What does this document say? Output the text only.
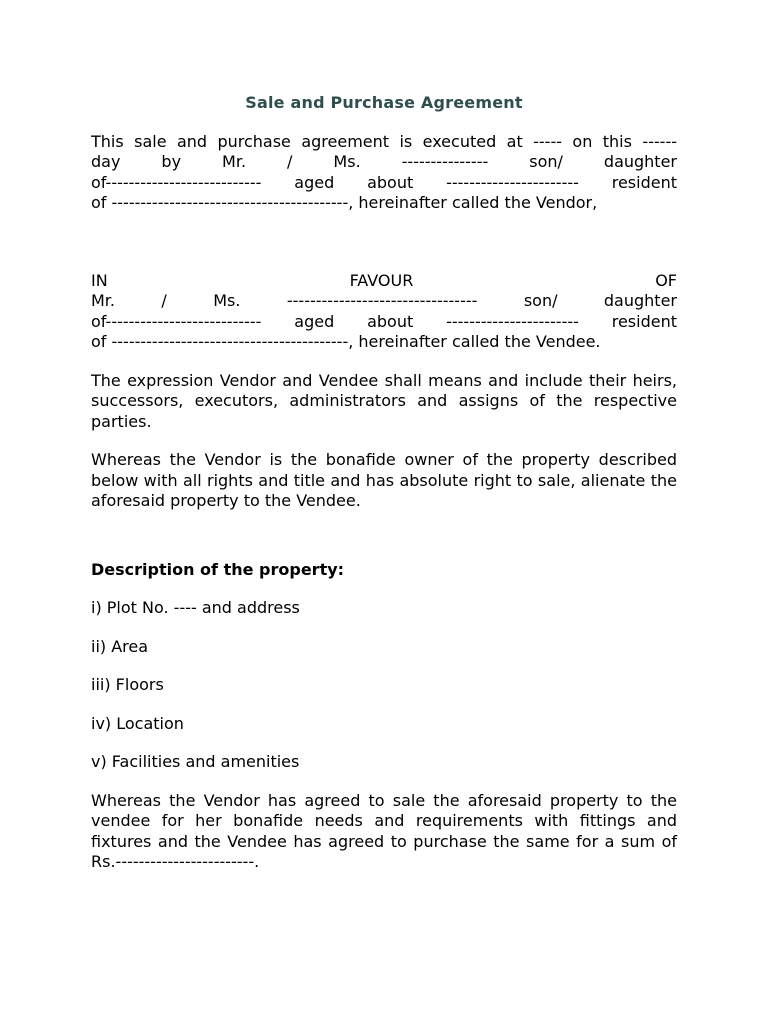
Sale and Purchase Agreement
This sale and purchase agreement is executed at ----- on this ------
day by Mr. / Ms. --------------- son/ daughter
of--------------------------- aged about ----------------------- resident
of -----------------------------------------, hereinafter called the Vendor,
IN FAVOUR OF
Mr. / Ms. --------------------------------- son/ daughter
of--------------------------- aged about ----------------------- resident
of -----------------------------------------, hereinafter called the Vendee.

The expression Vendor and Vendee shall means and include their heirs, successors, executors, administrators and assigns of the respective parties.

Whereas the Vendor is the bonafide owner of the property described below with all rights and title and has absolute right to sale, alienate the aforesaid property to the Vendee.

Description of the property:
i) Plot No. ---- and address
ii) Area
iii) Floors
iv) Location
v) Facilities and amenities

Whereas the Vendor has agreed to sale the aforesaid property to the vendee for her bonafide needs and requirements with fittings and fixtures and the Vendee has agreed to purchase the same for a sum of Rs.------------------------.
